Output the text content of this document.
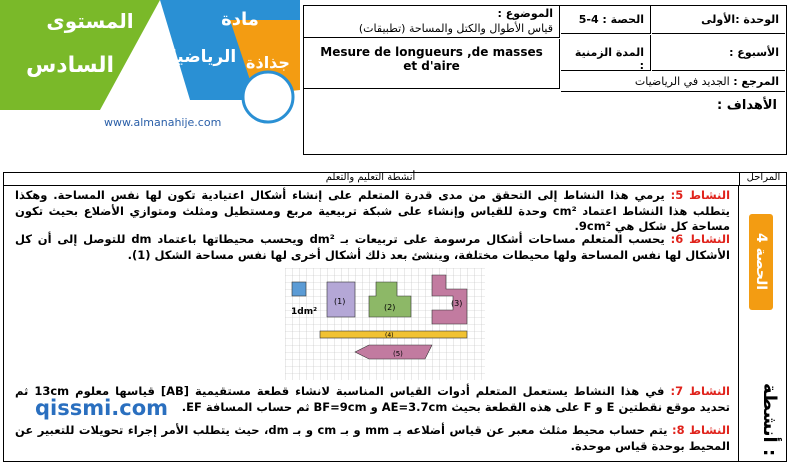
المستوى
السادس
مادة
الرياضيات جذاذة
www.almanahije.com
الموضوع :
قياس الأطوال والكتل والمساحة (تطبيقات)
Mesure de longueurs ,de masses et d'aire
الحصة : 4-5	الوحدة :الأولى
المدة الزمنية :
الأسبوع :
المرجع : الجديد في الرياضيات
الأهداف :
المراحل
أنشطة التعليم والتعلم
الحصة 4
أنشطة :
النشاط 5: يرمي هذا النشاط إلى التحقق من مدى قدرة المتعلم على إنشاء أشكال اعتيادية تكون لها نفس المساحة. وهكذا يتطلب هذا النشاط اعتماد cm² وحدة للقياس وإنشاء على شبكة تربيعية مربع ومستطيل ومثلث ومتوازي الأضلاع بحيث تكون مساحة كل شكل هي 9cm².
النشاط 6: يحسب المتعلم مساحات أشكال مرسومة على تربيعات بـ dm² ويحسب محيطاتها باعتماد dm للتوصل إلى أن كل الأشكال لها نفس المساحة ولها محيطات مختلفة، وينشئ بعد ذلك أشكال أخرى لها نفس مساحة الشكل (1).
1dm²
(1)
(2)	(3)
(4)
(5)
النشاط 7: في هذا النشاط يستعمل المتعلم أدوات القياس المناسبة لانشاء قطعة مستقيمية [AB] قياسها معلوم 13cm ثم تحديد موقع نقطتين E و F على هذه القطعة بحيث AE=3.7cm و BF=9cm ثم حساب المسافة EF.
النشاط 8: يتم حساب محيط مثلث معبر عن قياس أضلاعه بـ mm و بـ cm و بـ dm، حيث يتطلب الأمر إجراء تحويلات للتعبير عن المحيط بوحدة قياس موحدة.
qissmi.com
